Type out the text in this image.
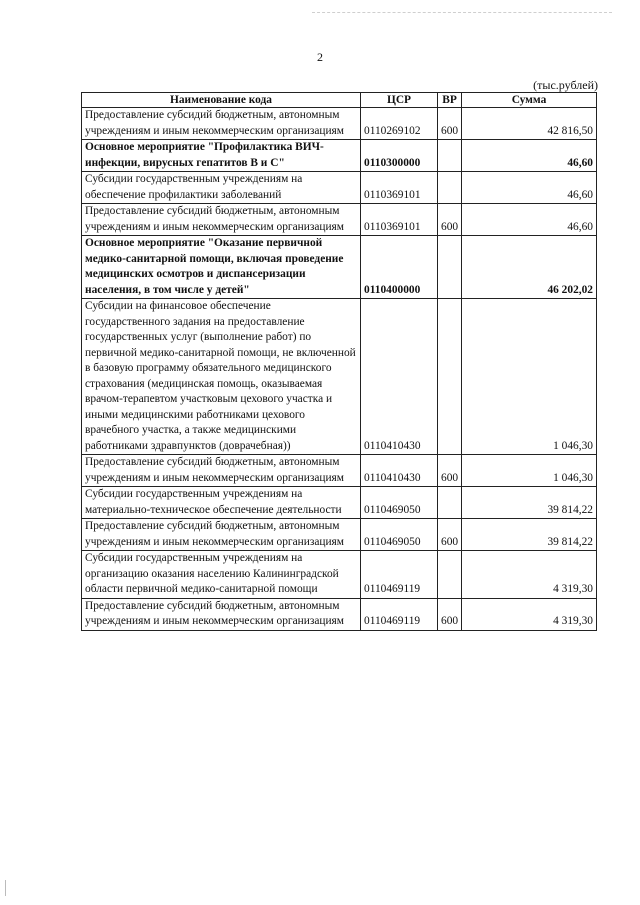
2
(тыс.рублей)
Наименование кода	ЦСР	ВР	Сумма
Предоставление субсидий бюджетным, автономным учреждениям и иным некоммерческим организациям	0110269102	600	42 816,50
Основное мероприятие "Профилактика ВИЧ-инфекции, вирусных гепатитов В и С"	0110300000		46,60
Субсидии государственным учреждениям на обеспечение профилактики заболеваний	0110369101		46,60
Предоставление субсидий бюджетным, автономным учреждениям и иным некоммерческим организациям	0110369101	600	46,60
Основное мероприятие "Оказание первичной медико-санитарной помощи, включая проведение медицинских осмотров и диспансеризации населения, в том числе у детей"	0110400000		46 202,02
Субсидии на финансовое обеспечение государственного задания на предоставление государственных услуг (выполнение работ) по первичной медико-санитарной помощи, не включенной в базовую программу обязательного медицинского страхования (медицинская помощь, оказываемая врачом-терапевтом участковым цехового участка и иными медицинскими работниками цехового врачебного участка, а также медицинскими работниками здравпунктов (доврачебная))	0110410430		1 046,30
Предоставление субсидий бюджетным, автономным учреждениям и иным некоммерческим организациям	0110410430	600	1 046,30
Субсидии государственным учреждениям на материально-техническое обеспечение деятельности	0110469050		39 814,22
Предоставление субсидий бюджетным, автономным учреждениям и иным некоммерческим организациям	0110469050	600	39 814,22
Субсидии государственным учреждениям на организацию оказания населению Калининградской области первичной медико-санитарной помощи	0110469119		4 319,30
Предоставление субсидий бюджетным, автономным учреждениям и иным некоммерческим организациям	0110469119	600	4 319,30
